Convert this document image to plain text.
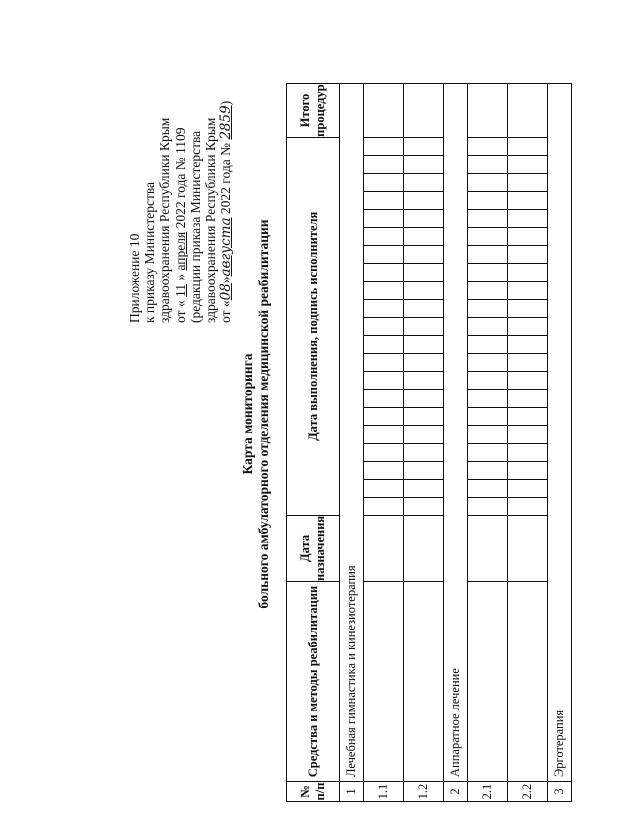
Приложение 10 к приказу Министерства здравоохранения Республики Крым от « 11 » апреля 2022 года № 1109 (редакции приказа Министерства здравоохранения Республики Крым от «08»августа 2022 года № 2859)
Карта мониторинга больного амбулаторного отделения медицинской реабилитации
№ п/п	Средства и методы реабилитации	Дата назначения	Дата выполнения, подпись исполнителя																					Итого процедур
1	Лечебная гимнастика и кинезиотерапия																							
1.1																								
1.2																								
2	Аппаратное лечение																							
2.1																								
2.2																								
3	Эрготерапия																							
